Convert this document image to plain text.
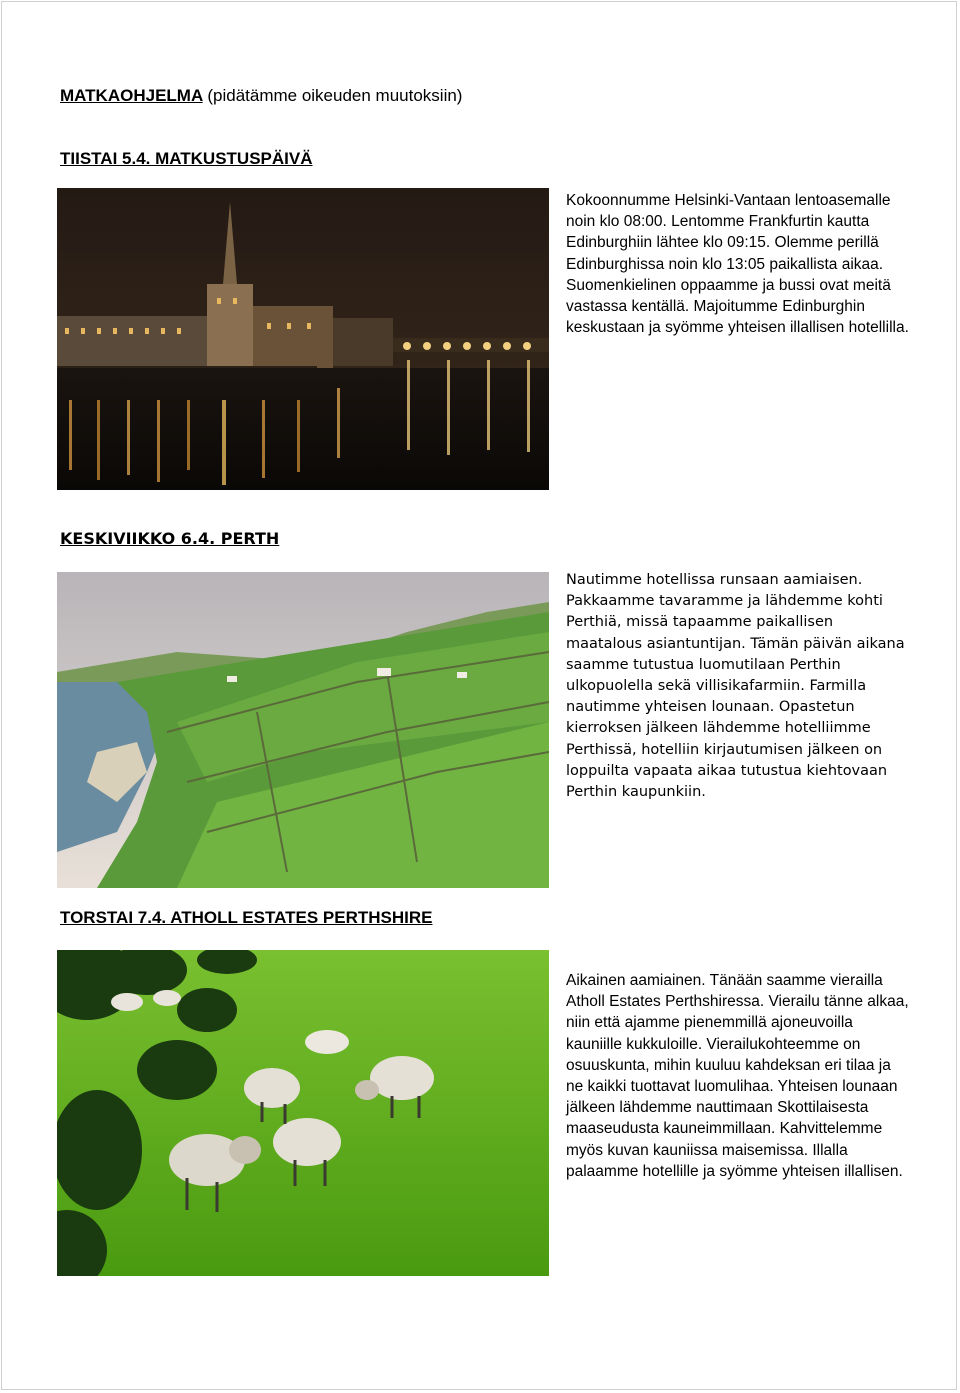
MATKAOHJELMA (pidätämme oikeuden muutoksiin)
TIISTAI 5.4. MATKUSTUSPÄIVÄ

Kokoonnumme Helsinki-Vantaan lentoasemalle noin klo 08:00. Lentomme Frankfurtin kautta Edinburghiin lähtee klo 09:15. Olemme perillä Edinburghissa noin klo 13:05 paikallista aikaa. Suomenkielinen oppaamme ja bussi ovat meitä vastassa kentällä. Majoitumme Edinburghin keskustaan ja syömme yhteisen illallisen hotellilla.

KESKIVIIKKO 6.4. PERTH

Nautimme hotellissa runsaan aamiaisen. Pakkaamme tavaramme ja lähdemme kohti Perthiä, missä tapaamme paikallisen maatalous asiantuntijan. Tämän päivän aikana saamme tutustua luomutilaan Perthin ulkopuolella sekä villisikafarmiin. Farmilla nautimme yhteisen lounaan. Opastetun kierroksen jälkeen lähdemme hotelliimme Perthissä, hotelliin kirjautumisen jälkeen on loppuilta vapaata aikaa tutustua kiehtovaan Perthin kaupunkiin.

TORSTAI 7.4. ATHOLL ESTATES PERTHSHIRE

Aikainen aamiainen. Tänään saamme vierailla Atholl Estates Perthshiressa. Vierailu tänne alkaa, niin että ajamme pienemmillä ajoneuvoilla kauniille kukkuloille. Vierailukohteemme on osuuskunta, mihin kuuluu kahdeksan eri tilaa ja ne kaikki tuottavat luomulihaa. Yhteisen lounaan jälkeen lähdemme nauttimaan Skottilaisesta maaseudusta kauneimmillaan. Kahvittelemme myös kuvan kauniissa maisemissa. Illalla palaamme hotellille ja syömme yhteisen illallisen.
